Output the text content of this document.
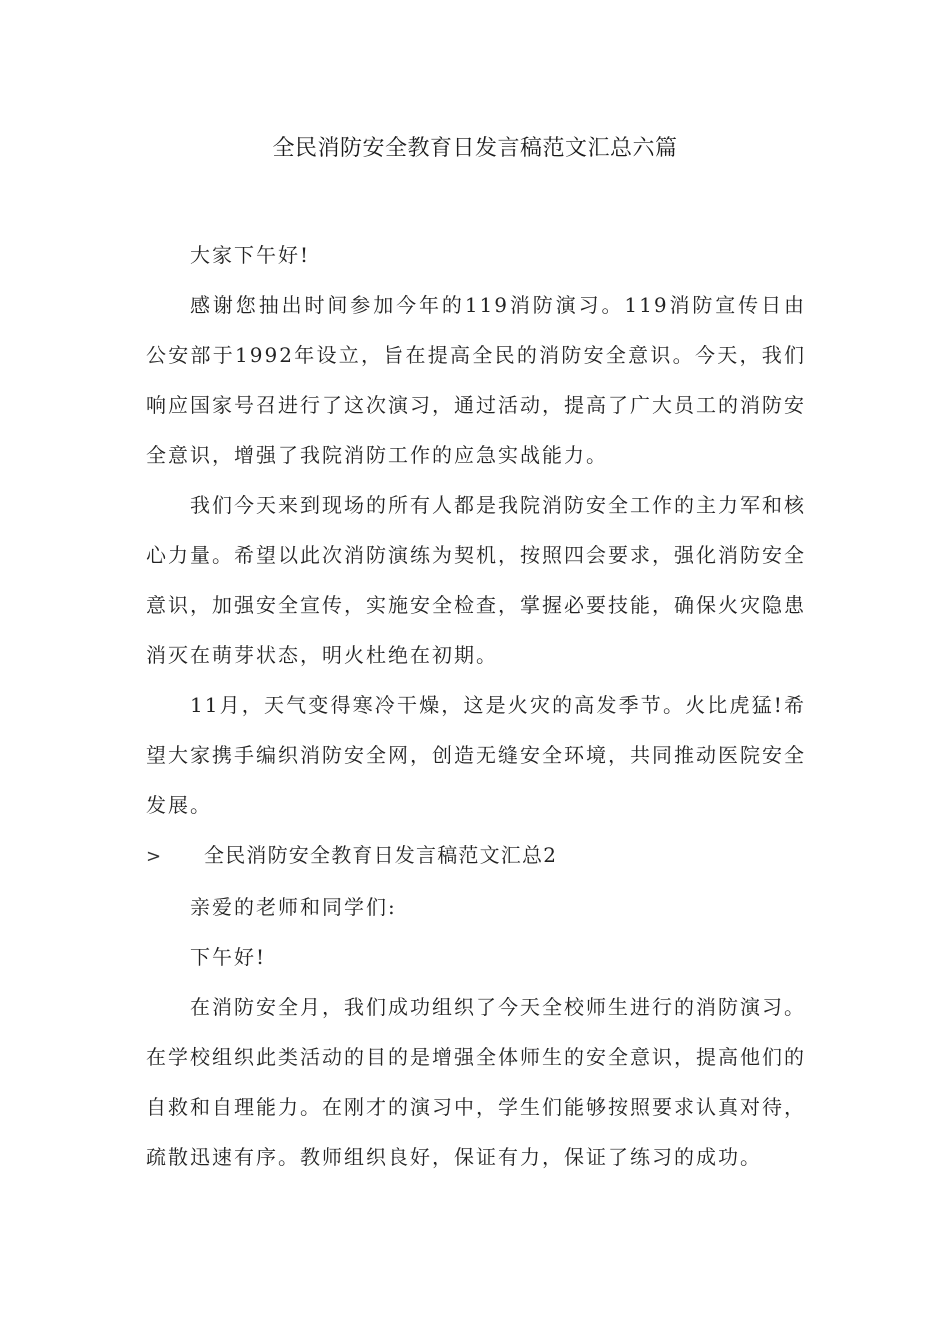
全民消防安全教育日发言稿范文汇总六篇

大家下午好!

感谢您抽出时间参加今年的119消防演习。119消防宣传日由公安部于1992年设立，旨在提高全民的消防安全意识。今天，我们响应国家号召进行了这次演习，通过活动，提高了广大员工的消防安全意识，增强了我院消防工作的应急实战能力。

我们今天来到现场的所有人都是我院消防安全工作的主力军和核心力量。希望以此次消防演练为契机，按照四会要求，强化消防安全意识，加强安全宣传，实施安全检查，掌握必要技能，确保火灾隐患消灭在萌芽状态，明火杜绝在初期。

11月，天气变得寒冷干燥，这是火灾的高发季节。火比虎猛!希望大家携手编织消防安全网，创造无缝安全环境，共同推动医院安全发展。

>	全民消防安全教育日发言稿范文汇总2

亲爱的老师和同学们:

下午好!

在消防安全月，我们成功组织了今天全校师生进行的消防演习。在学校组织此类活动的目的是增强全体师生的安全意识，提高他们的自救和自理能力。在刚才的演习中，学生们能够按照要求认真对待，疏散迅速有序。教师组织良好，保证有力，保证了练习的成功。
